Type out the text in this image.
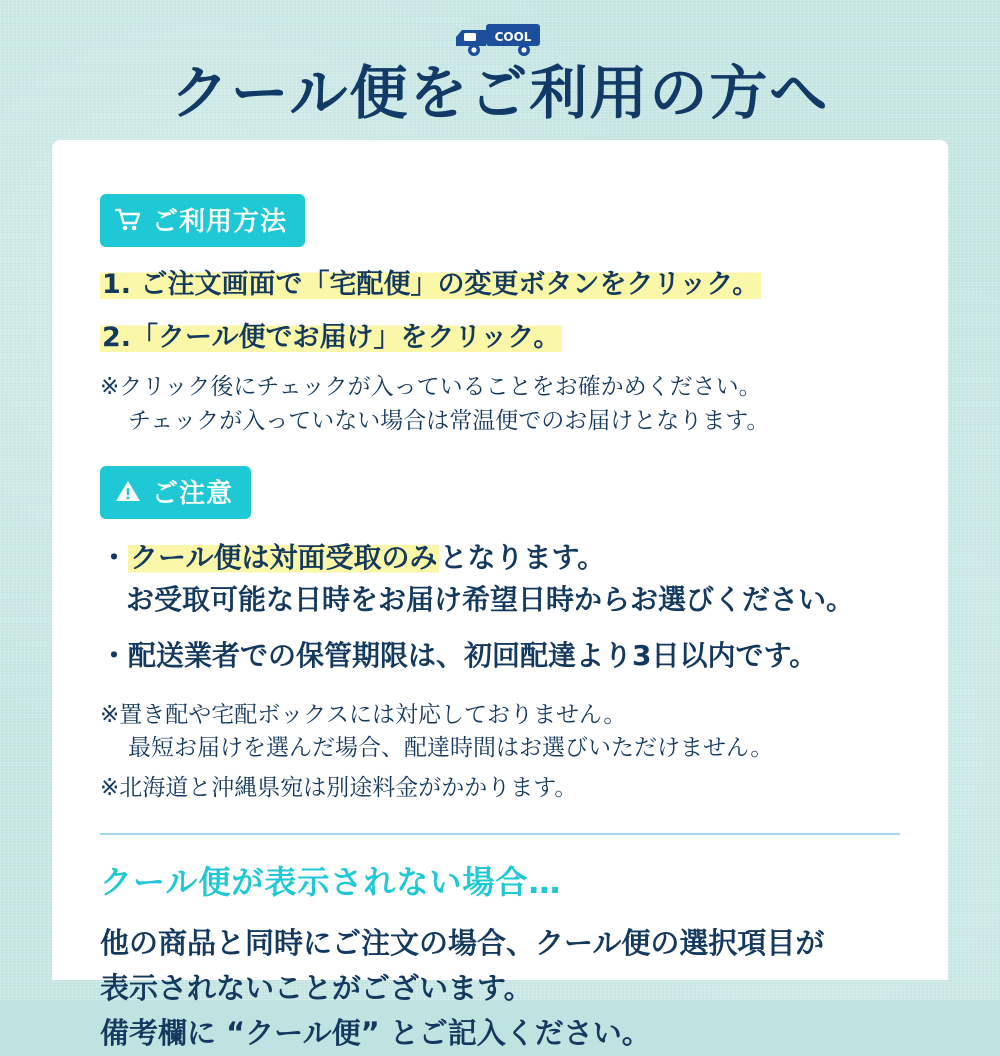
COOL
クール便をご利用の方へ
ご利用方法
1. ご注文画面で「宅配便」の変更ボタンをクリック。
2.「クール便でお届け」をクリック。
※クリック後にチェックが入っていることをお確かめください。
チェックが入っていない場合は常温便でのお届けとなります。
ご注意
・クール便は対面受取のみとなります。
お受取可能な日時をお届け希望日時からお選びください。
・配送業者での保管期限は、初回配達より3日以内です。
※置き配や宅配ボックスには対応しておりません。
最短お届けを選んだ場合、配達時間はお選びいただけません。
※北海道と沖縄県宛は別途料金がかかります。
クール便が表示されない場合…
他の商品と同時にご注文の場合、クール便の選択項目が
表示されないことがございます。
備考欄に “クール便” とご記入ください。
